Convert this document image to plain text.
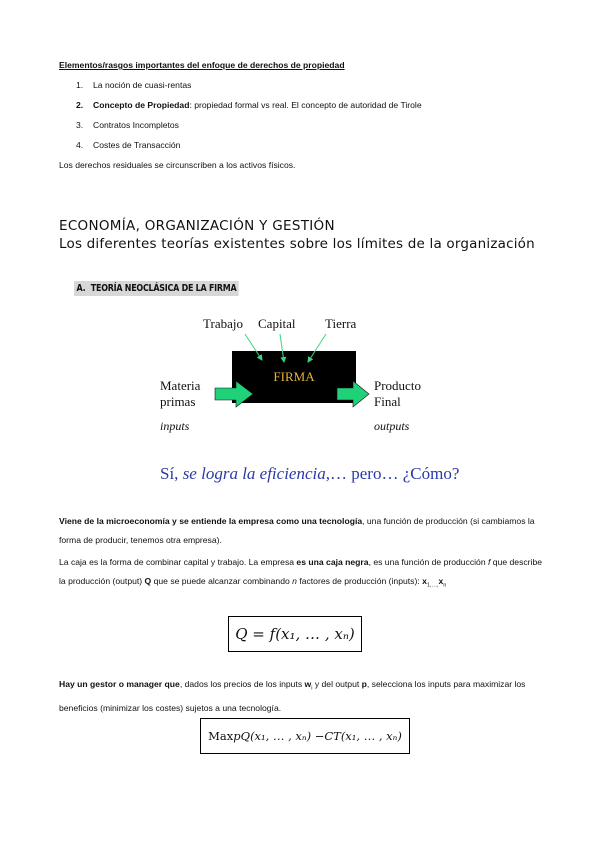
Elementos/rasgos importantes del enfoque de derechos de propiedad
1. La noción de cuasi-rentas
2. Concepto de Propiedad: propiedad formal vs real. El concepto de autoridad de Tirole
3. Contratos Incompletos
4. Costes de Transacción
Los derechos residuales se circunscriben a los activos físicos.
ECONOMÍA, ORGANIZACIÓN Y GESTIÓN
Los diferentes teorías existentes sobre los límites de la organización
A. TEORÍA NEOCLÁSICA DE LA FIRMA
Trabajo Capital Tierra
FIRMA
Materia
primas
inputs
Producto
Final
outputs
Sí, se logra la eficiencia,… pero… ¿Cómo?
Viene de la microeconomía y se entiende la empresa como una tecnología, una función de producción (si cambiamos la forma de producir, tenemos otra empresa).
La caja es la forma de combinar capital y trabajo. La empresa es una caja negra, es una función de producción f que describe la producción (output) Q que se puede alcanzar combinando n factores de producción (inputs): $x_{1,\dots,}x_n$
Q = f(x₁, … , xₙ)
Hay un gestor o manager que, dados los precios de los inputs $w_i$ y del output p, selecciona los inputs para maximizar los beneficios (minimizar los costes) sujetos a una tecnología.
Max pQ(x₁, … , xₙ) −CT(x₁, … , xₙ)
